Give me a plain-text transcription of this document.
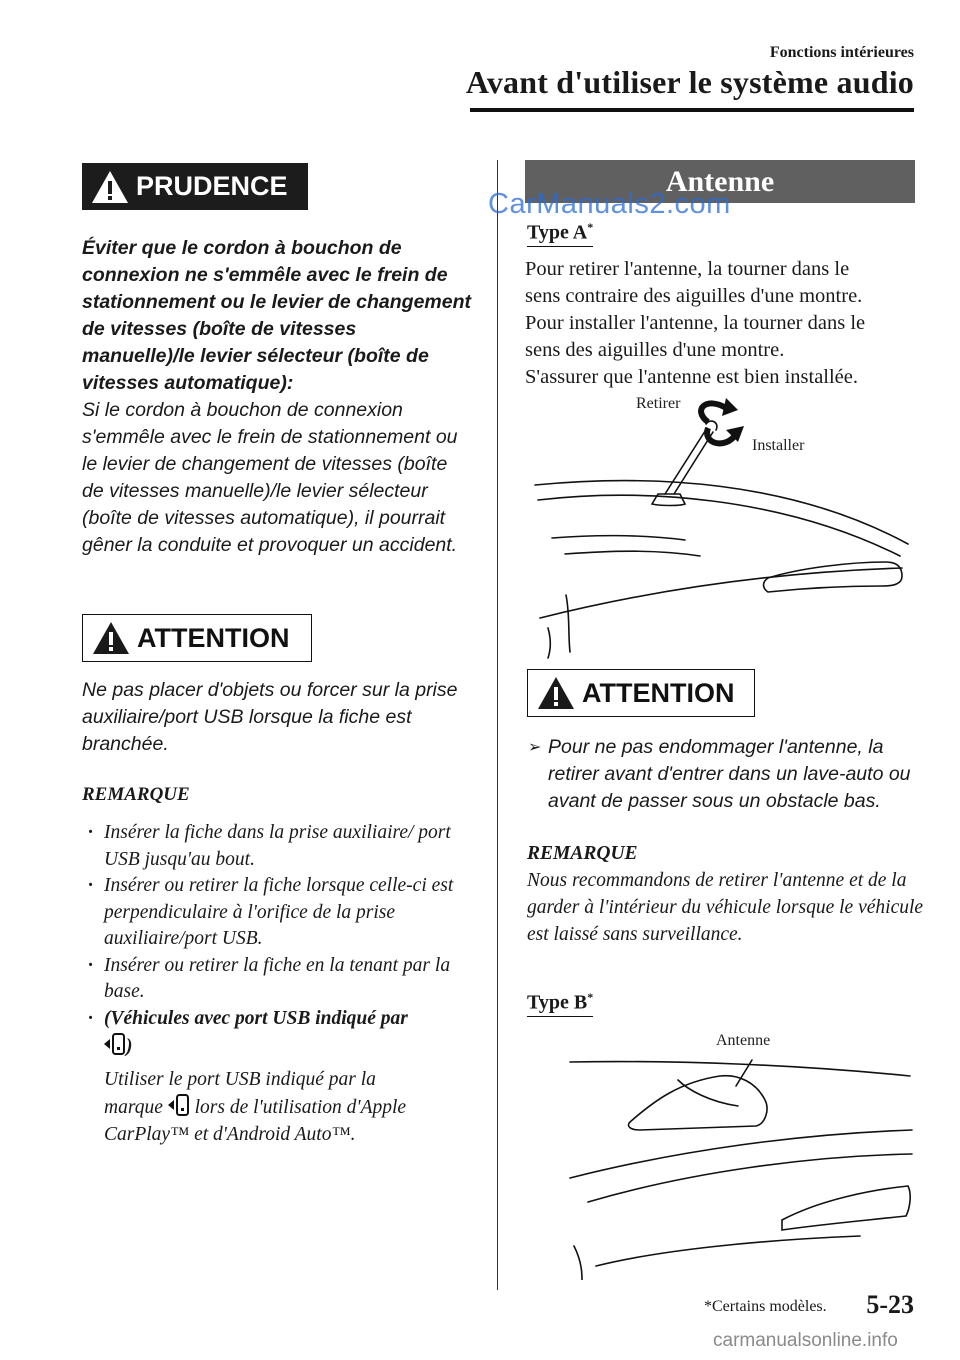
Fonctions intérieures
Avant d'utiliser le système audio
PRUDENCE
Éviter que le cordon à bouchon de connexion ne s'emmêle avec le frein de stationnement ou le levier de changement de vitesses (boîte de vitesses manuelle)/le levier sélecteur (boîte de vitesses automatique):
Si le cordon à bouchon de connexion s'emmêle avec le frein de stationnement ou le levier de changement de vitesses (boîte de vitesses manuelle)/le levier sélecteur (boîte de vitesses automatique), il pourrait gêner la conduite et provoquer un accident.
ATTENTION
Ne pas placer d'objets ou forcer sur la prise auxiliaire/port USB lorsque la fiche est branchée.
REMARQUE
· Insérer la fiche dans la prise auxiliaire/ port USB jusqu'au bout.
· Insérer ou retirer la fiche lorsque celle-ci est perpendiculaire à l'orifice de la prise auxiliaire/port USB.
· Insérer ou retirer la fiche en la tenant par la base.
· (Véhicules avec port USB indiqué par
)

Utiliser le port USB indiqué par la
marque lors de l'utilisation d'Apple
CarPlay™ et d'Android Auto™.
Antenne
CarManuals2.com
Type A*
Pour retirer l'antenne, la tourner dans le
sens contraire des aiguilles d'une montre.
Pour installer l'antenne, la tourner dans le
sens des aiguilles d'une montre.
S'assurer que l'antenne est bien installée.
Retirer
Installer
ATTENTION
➢ Pour ne pas endommager l'antenne, la retirer avant d'entrer dans un lave-auto ou avant de passer sous un obstacle bas.
REMARQUE
Nous recommandons de retirer l'antenne et de la garder à l'intérieur du véhicule lorsque le véhicule est laissé sans surveillance.
Type B*
Antenne
*Certains modèles. 5-23
carmanualsonline.info
